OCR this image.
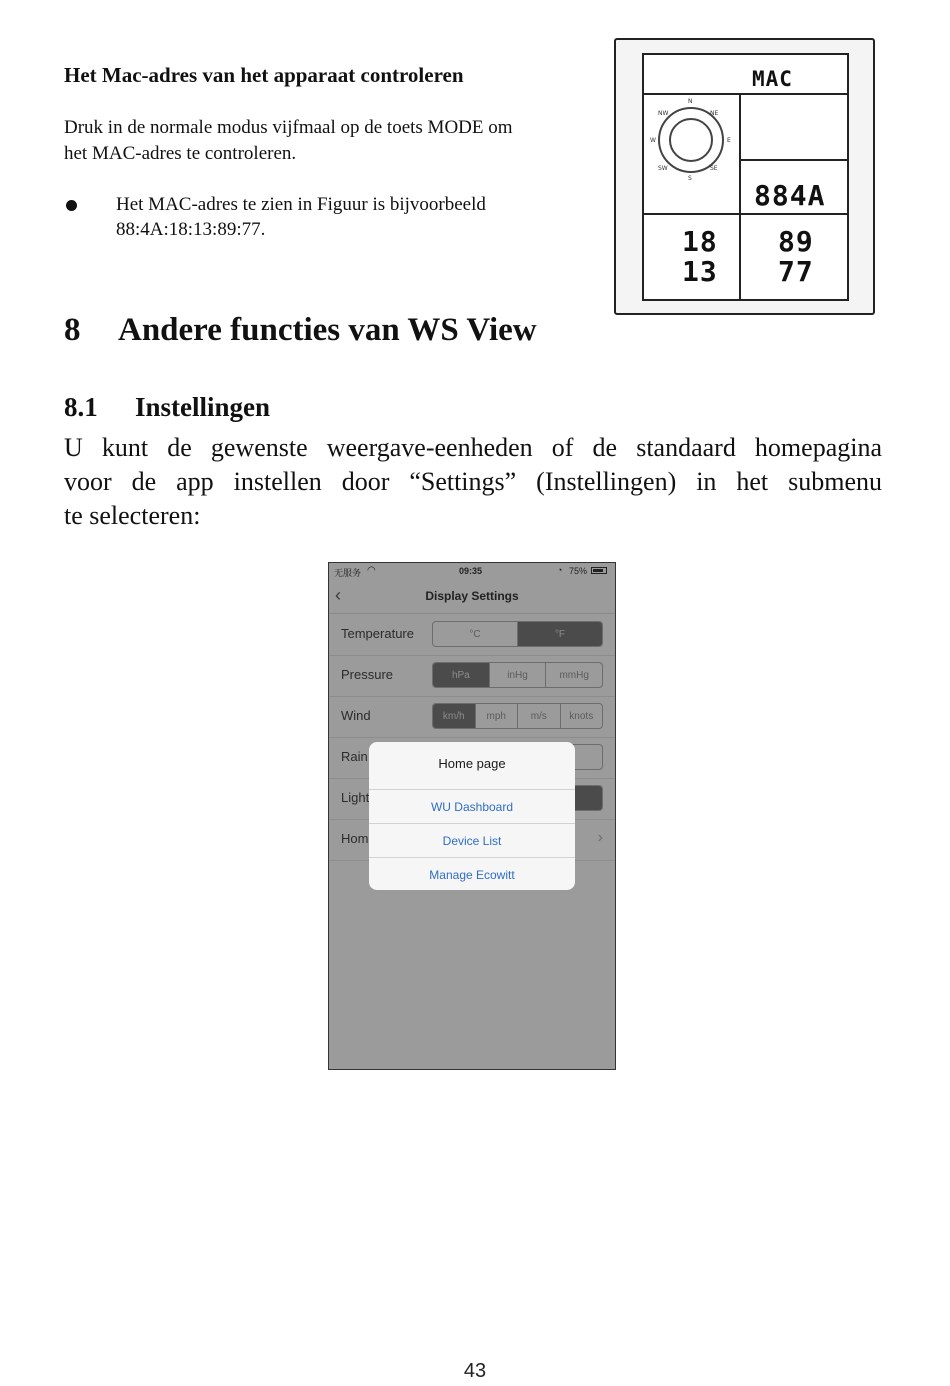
Het Mac-adres van het apparaat controleren
Druk in de normale modus vijfmaal op de toets MODE om
het MAC-adres te controleren.
Het MAC-adres te zien in Figuur is bijvoorbeeld
88:4A:18:13:89:77.
MAC
N
S
W	E
NE
NW
SE
SW
884A
18
13
89
77
8 Andere functies van WS View
8.1 Instellingen
U kunt de gewenste weergave-eenheden of de standaard homepagina
voor de app instellen door “Settings” (Instellingen) in het submenu
te selecteren:
无服务 ◠	09:35	◔ 75%
‹	Display Settings
Temperature	°C	°F
Pressure	hPa	inHg	mmHg
Wind	km/h	mph	m/s	knots
Rain
Light
Hom	›
Home page
WU Dashboard
Device List
Manage Ecowitt
43
